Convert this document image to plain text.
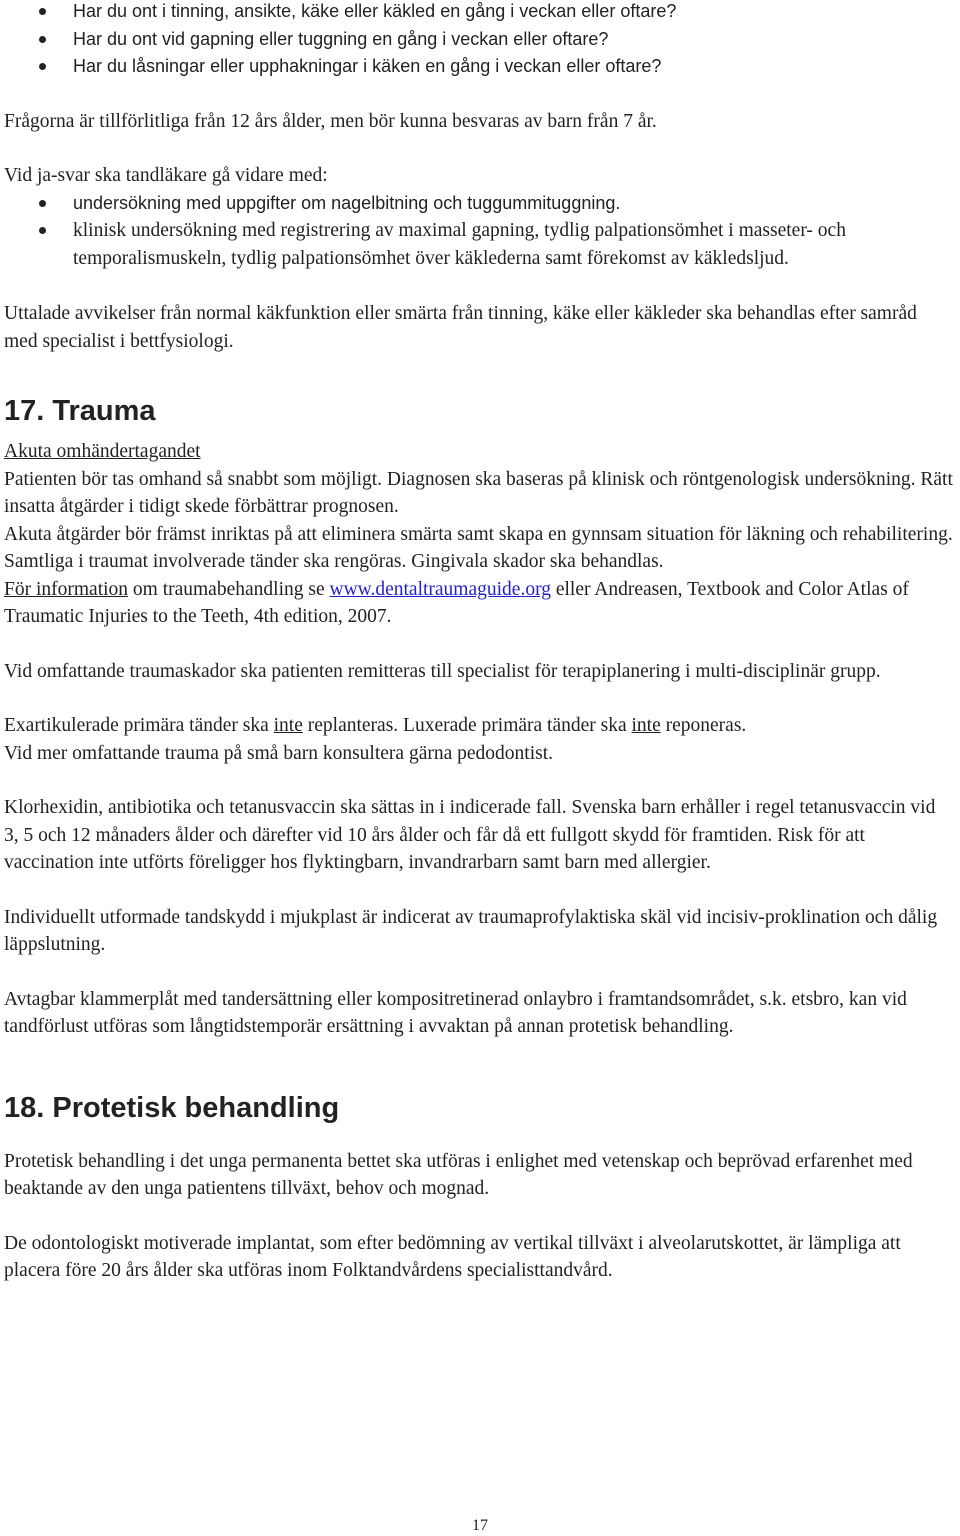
Har du ont i tinning, ansikte, käke eller käkled en gång i veckan eller oftare?
Har du ont vid gapning eller tuggning en gång i veckan eller oftare?
Har du låsningar eller upphakningar i käken en gång i veckan eller oftare?

Frågorna är tillförlitliga från 12 års ålder, men bör kunna besvaras av barn från 7 år.

Vid ja-svar ska tandläkare gå vidare med:

undersökning med uppgifter om nagelbitning och tuggummituggning.
klinisk undersökning med registrering av maximal gapning, tydlig palpationsömhet i masseter- och temporalismuskeln, tydlig palpationsömhet över käklederna samt förekomst av käkledsljud.

Uttalade avvikelser från normal käkfunktion eller smärta från tinning, käke eller käkleder ska behandlas efter samråd med specialist i bettfysiologi.

17. Trauma

Akuta omhändertagandet

Patienten bör tas omhand så snabbt som möjligt. Diagnosen ska baseras på klinisk och röntgenologisk undersökning. Rätt insatta åtgärder i tidigt skede förbättrar prognosen.

Akuta åtgärder bör främst inriktas på att eliminera smärta samt skapa en gynnsam situation för läkning och rehabilitering. Samtliga i traumat involverade tänder ska rengöras. Gingivala skador ska behandlas.

För information om traumabehandling se www.dentaltraumaguide.org eller Andreasen, Textbook and Color Atlas of Traumatic Injuries to the Teeth, 4th edition, 2007.

Vid omfattande traumaskador ska patienten remitteras till specialist för terapiplanering i multi-disciplinär grupp.

Exartikulerade primära tänder ska inte replanteras. Luxerade primära tänder ska inte reponeras.
Vid mer omfattande trauma på små barn konsultera gärna pedodontist.

Klorhexidin, antibiotika och tetanusvaccin ska sättas in i indicerade fall. Svenska barn erhåller i regel tetanusvaccin vid 3, 5 och 12 månaders ålder och därefter vid 10 års ålder och får då ett fullgott skydd för framtiden. Risk för att vaccination inte utförts föreligger hos flyktingbarn, invandrarbarn samt barn med allergier.

Individuellt utformade tandskydd i mjukplast är indicerat av traumaprofylaktiska skäl vid incisiv-proklination och dålig läppslutning.

Avtagbar klammerplåt med tandersättning eller kompositretinerad onlaybro i framtandsområdet, s.k. etsbro, kan vid tandförlust utföras som långtidstemporär ersättning i avvaktan på annan protetisk behandling.

18. Protetisk behandling

Protetisk behandling i det unga permanenta bettet ska utföras i enlighet med vetenskap och beprövad erfarenhet med beaktande av den unga patientens tillväxt, behov och mognad.

De odontologiskt motiverade implantat, som efter bedömning av vertikal tillväxt i alveolarutskottet, är lämpliga att placera före 20 års ålder ska utföras inom Folktandvårdens specialisttandvård.

17
